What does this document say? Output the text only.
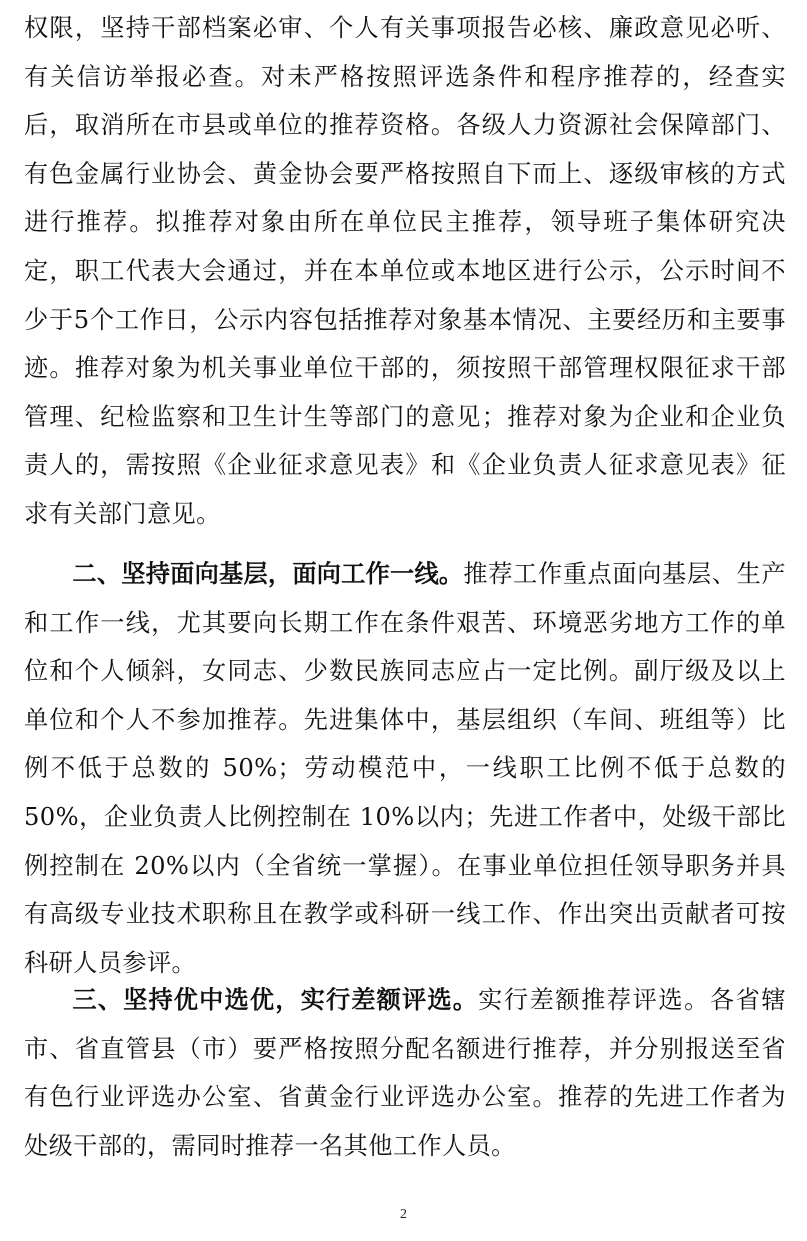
权限，坚持干部档案必审、个人有关事项报告必核、廉政意见必听、有关信访举报必查。对未严格按照评选条件和程序推荐的，经查实后，取消所在市县或单位的推荐资格。各级人力资源社会保障部门、有色金属行业协会、黄金协会要严格按照自下而上、逐级审核的方式进行推荐。拟推荐对象由所在单位民主推荐，领导班子集体研究决定，职工代表大会通过，并在本单位或本地区进行公示，公示时间不少于5个工作日，公示内容包括推荐对象基本情况、主要经历和主要事迹。推荐对象为机关事业单位干部的，须按照干部管理权限征求干部管理、纪检监察和卫生计生等部门的意见；推荐对象为企业和企业负责人的，需按照《企业征求意见表》和《企业负责人征求意见表》征求有关部门意见。

二、坚持面向基层，面向工作一线。推荐工作重点面向基层、生产和工作一线，尤其要向长期工作在条件艰苦、环境恶劣地方工作的单位和个人倾斜，女同志、少数民族同志应占一定比例。副厅级及以上单位和个人不参加推荐。先进集体中，基层组织（车间、班组等）比例不低于总数的 50%；劳动模范中，一线职工比例不低于总数的 50%，企业负责人比例控制在 10%以内；先进工作者中，处级干部比例控制在 20%以内（全省统一掌握）。在事业单位担任领导职务并具有高级专业技术职称且在教学或科研一线工作、作出突出贡献者可按科研人员参评。

三、坚持优中选优，实行差额评选。实行差额推荐评选。各省辖市、省直管县（市）要严格按照分配名额进行推荐，并分别报送至省有色行业评选办公室、省黄金行业评选办公室。推荐的先进工作者为处级干部的，需同时推荐一名其他工作人员。

2
